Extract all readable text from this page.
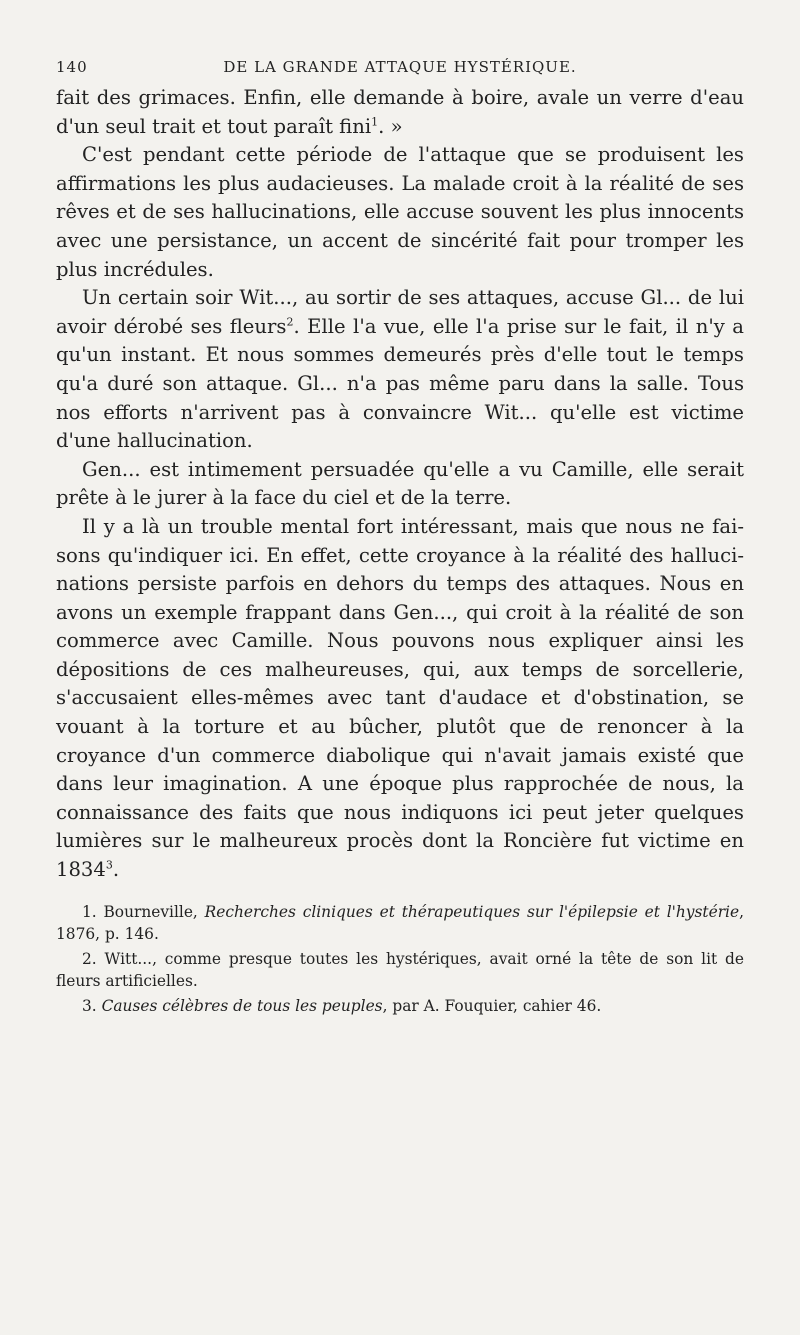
140	DE LA GRANDE ATTAQUE HYSTÉRIQUE.

fait des grimaces. Enfin, elle demande à boire, avale un verre d'eau d'un seul trait et tout paraît fini$^1$. »

C'est pendant cette période de l'attaque que se produisent les affirmations les plus audacieuses. La malade croit à la réalité de ses rêves et de ses hallucinations, elle accuse souvent les plus innocents avec une persistance, un accent de sincérité fait pour tromper les plus incrédules.

Un certain soir Wit..., au sortir de ses attaques, accuse Gl... de lui avoir dérobé ses fleurs$^2$. Elle l'a vue, elle l'a prise sur le fait, il n'y a qu'un instant. Et nous sommes demeurés près d'elle tout le temps qu'a duré son attaque. Gl... n'a pas même paru dans la salle. Tous nos efforts n'arrivent pas à convaincre Wit... qu'elle est victime d'une hallucination.

Gen... est intimement persuadée qu'elle a vu Camille, elle serait prête à le jurer à la face du ciel et de la terre.

Il y a là un trouble mental fort intéressant, mais que nous ne faisons qu'indiquer ici. En effet, cette croyance à la réalité des hallucinations persiste parfois en dehors du temps des attaques. Nous en avons un exemple frappant dans Gen..., qui croit à la réalité de son commerce avec Camille. Nous pouvons nous expliquer ainsi les dépositions de ces malheureuses, qui, aux temps de sorcellerie, s'accusaient elles-mêmes avec tant d'audace et d'obstination, se vouant à la torture et au bûcher, plutôt que de renoncer à la croyance d'un commerce diabolique qui n'avait jamais existé que dans leur imagination. A une époque plus rapprochée de nous, la connaissance des faits que nous indiquons ici peut jeter quelques lumières sur le malheureux procès dont la Roncière fut victime en 1834$^3$.

1. Bourneville, Recherches cliniques et thérapeutiques sur l'épilepsie et l'hystérie, 1876, p. 146.

2. Witt..., comme presque toutes les hystériques, avait orné la tête de son lit de fleurs artificielles.

3. Causes célèbres de tous les peuples, par A. Fouquier, cahier 46.
